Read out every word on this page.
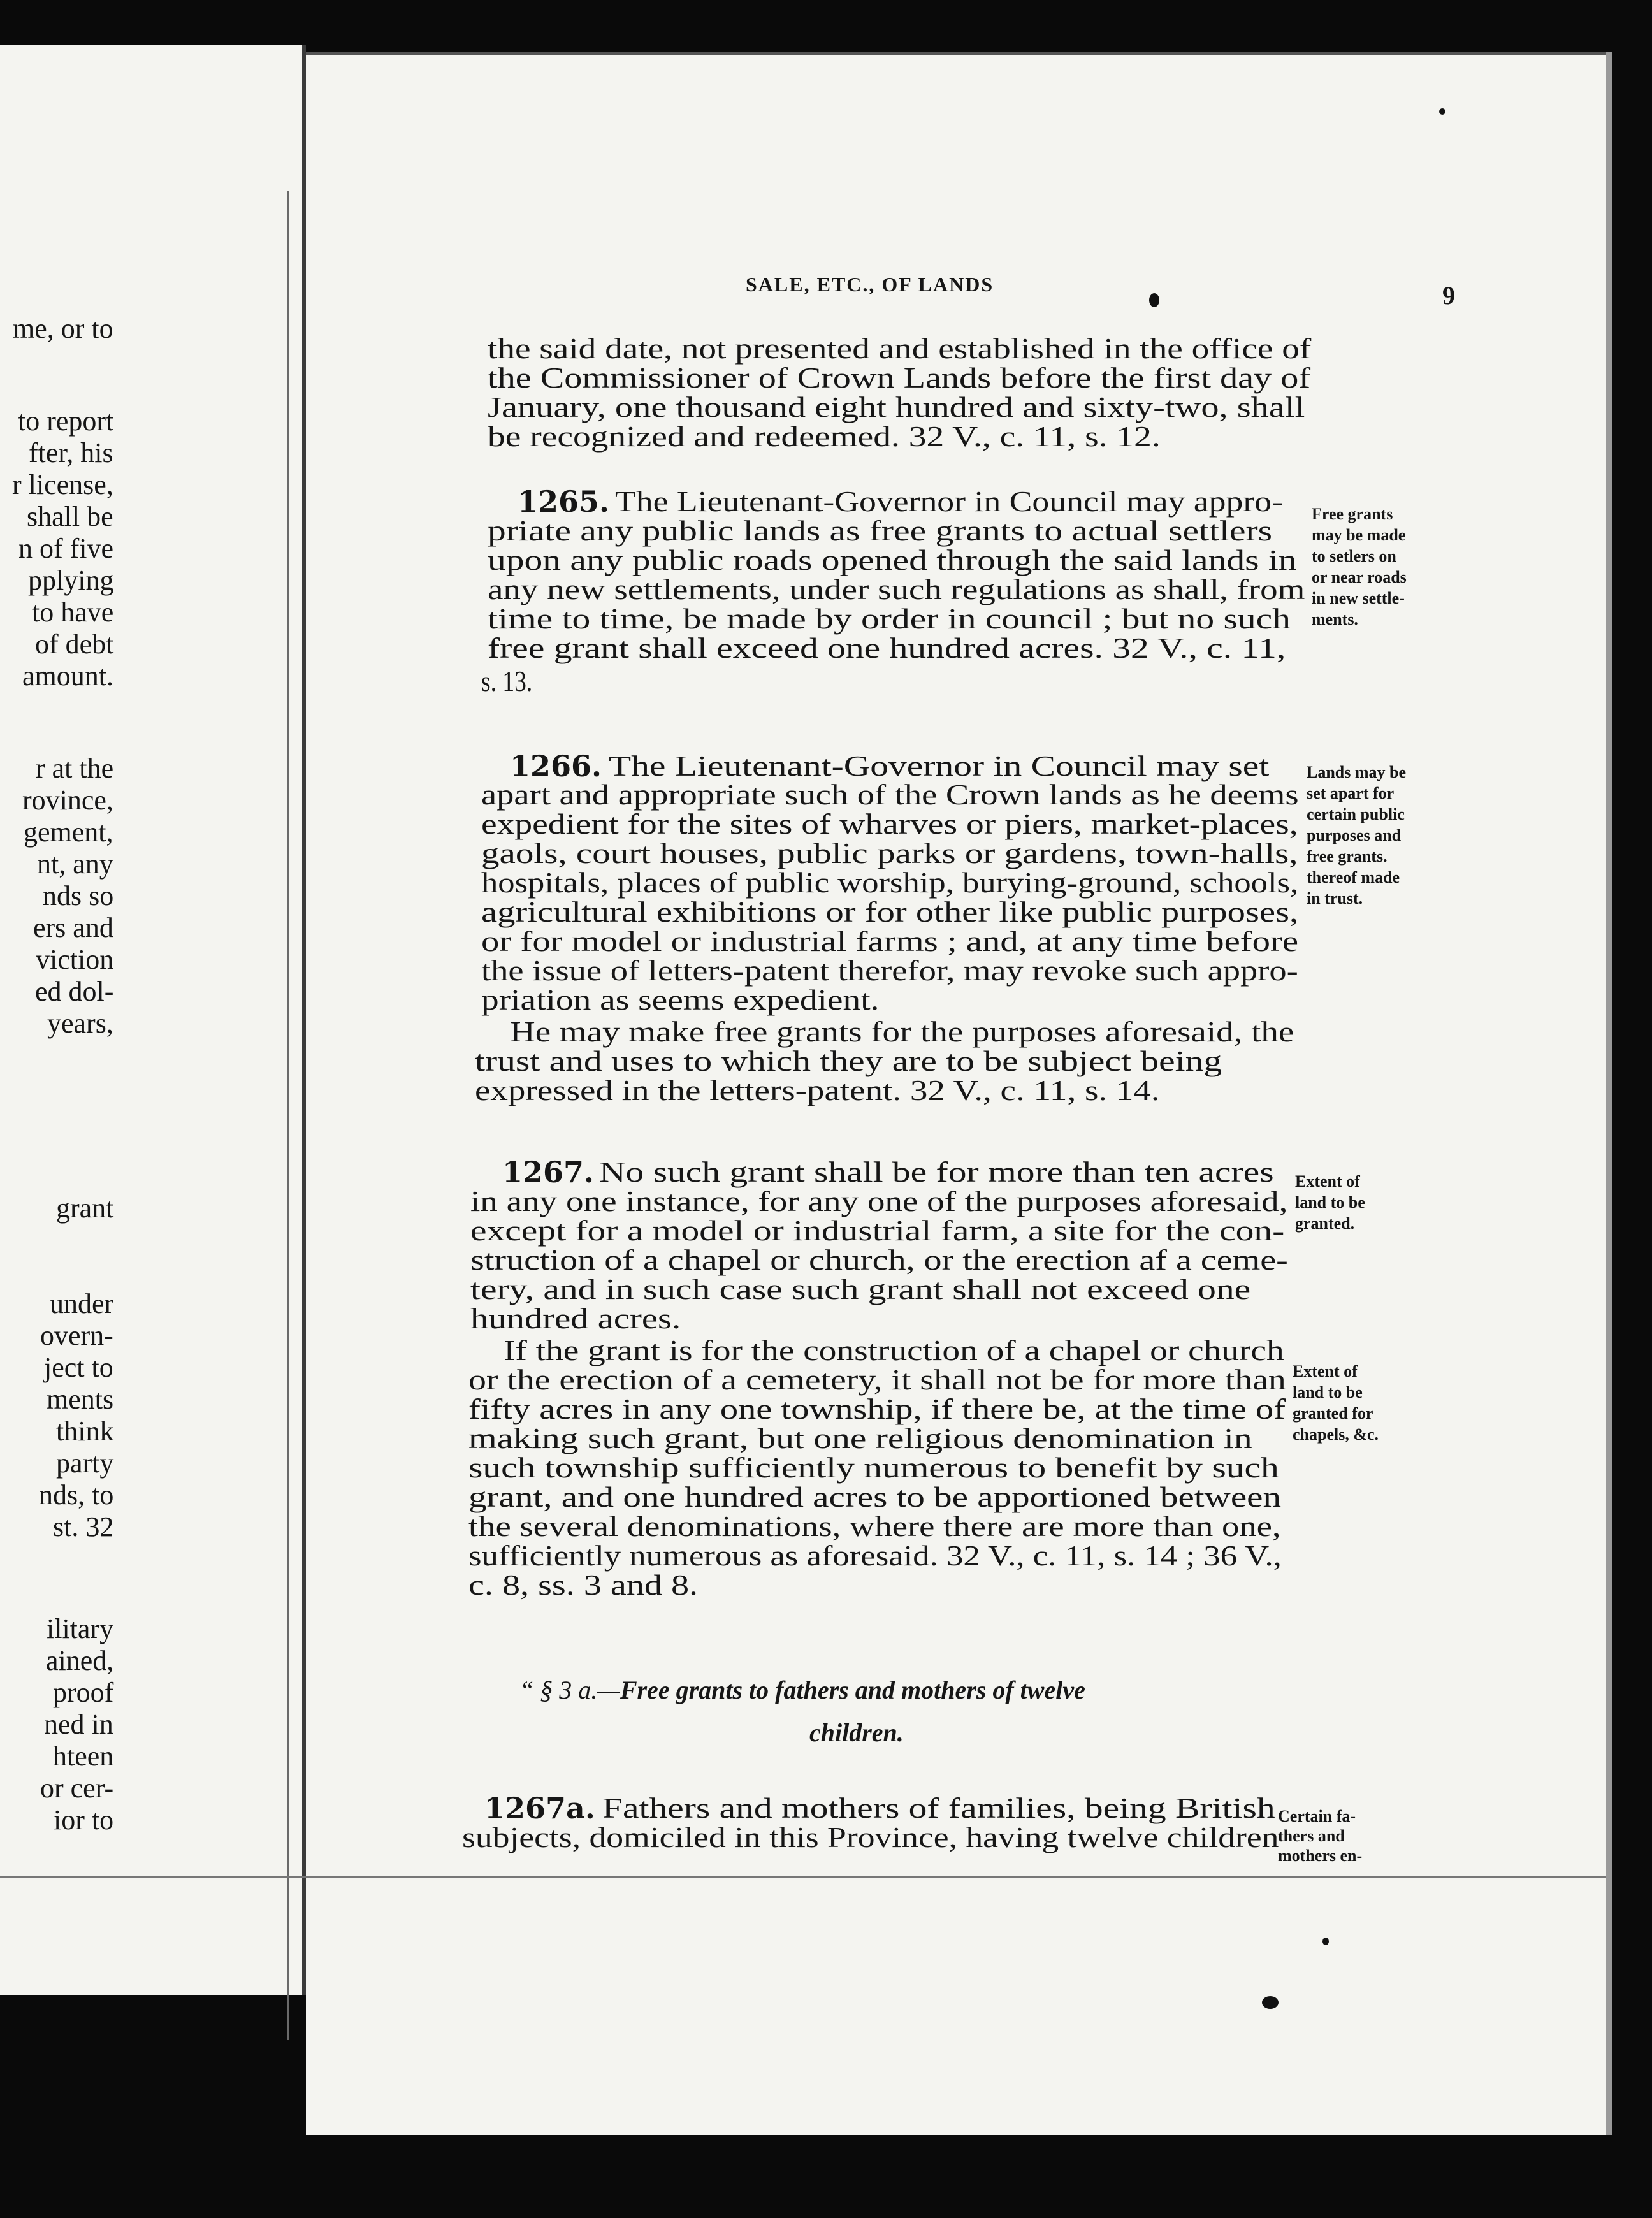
SALE, ETC., OF LANDS	9
the said date, not presented and established in the office of
the Commissioner of Crown Lands before the first day of
January, one thousand eight hundred and sixty-two, shall
be recognized and redeemed. 32 V., c. 11, s. 12.
The Lieutenant-Governor in Council may appro-
1265.
priate any public lands as free grants to actual settlers
upon any public roads opened through the said lands in
any new settlements, under such regulations as shall, from
time to time, be made by order in council ; but no such
free grant shall exceed one hundred acres. 32 V., c. 11,
s. 13.
The Lieutenant-Governor in Council may set
1266.
apart and appropriate such of the Crown lands as he deems
expedient for the sites of wharves or piers, market-places,
gaols, court houses, public parks or gardens, town-halls,
hospitals, places of public worship, burying-ground, schools,
agricultural exhibitions or for other like public purposes,
or for model or industrial farms ; and, at any time before
the issue of letters-patent therefor, may revoke such appro-
priation as seems expedient.
He may make free grants for the purposes aforesaid, the
trust and uses to which they are to be subject being
expressed in the letters-patent. 32 V., c. 11, s. 14.
No such grant shall be for more than ten acres
1267.
in any one instance, for any one of the purposes aforesaid,
except for a model or industrial farm, a site for the con-
struction of a chapel or church, or the erection af a ceme-
tery, and in such case such grant shall not exceed one
hundred acres.
If the grant is for the construction of a chapel or church
or the erection of a cemetery, it shall not be for more than
fifty acres in any one township, if there be, at the time of
making such grant, but one religious denomination in
such township sufficiently numerous to benefit by such
grant, and one hundred acres to be apportioned between
the several denominations, where there are more than one,
sufficiently numerous as aforesaid. 32 V., c. 11, s. 14 ; 36 V.,
c. 8, ss. 3 and 8.
Fathers and mothers of families, being British
1267a.
subjects, domiciled in this Province, having twelve children
“ § 3 a.—Free grants to fathers and mothers of twelve
children.
Free grants
may be made
to setlers on
or near roads
in new settle-
ments.
Lands may be
set apart for
certain public
purposes and
free grants.
thereof made
in trust.
Extent of
land to be
granted.
Extent of
land to be
granted for
chapels, &c.
Certain fa-
thers and
mothers en-
me, or to
to report
fter, his
r license,
shall be
n of five
pplying
to have
of debt
amount.
r at the
rovince,
gement,
nt, any
nds so
ers and
viction
ed dol-
years,
grant
under
overn-
ject to
ments
think
party
nds, to
st. 32
ilitary
ained,
proof
ned in
hteen
or cer-
ior to
